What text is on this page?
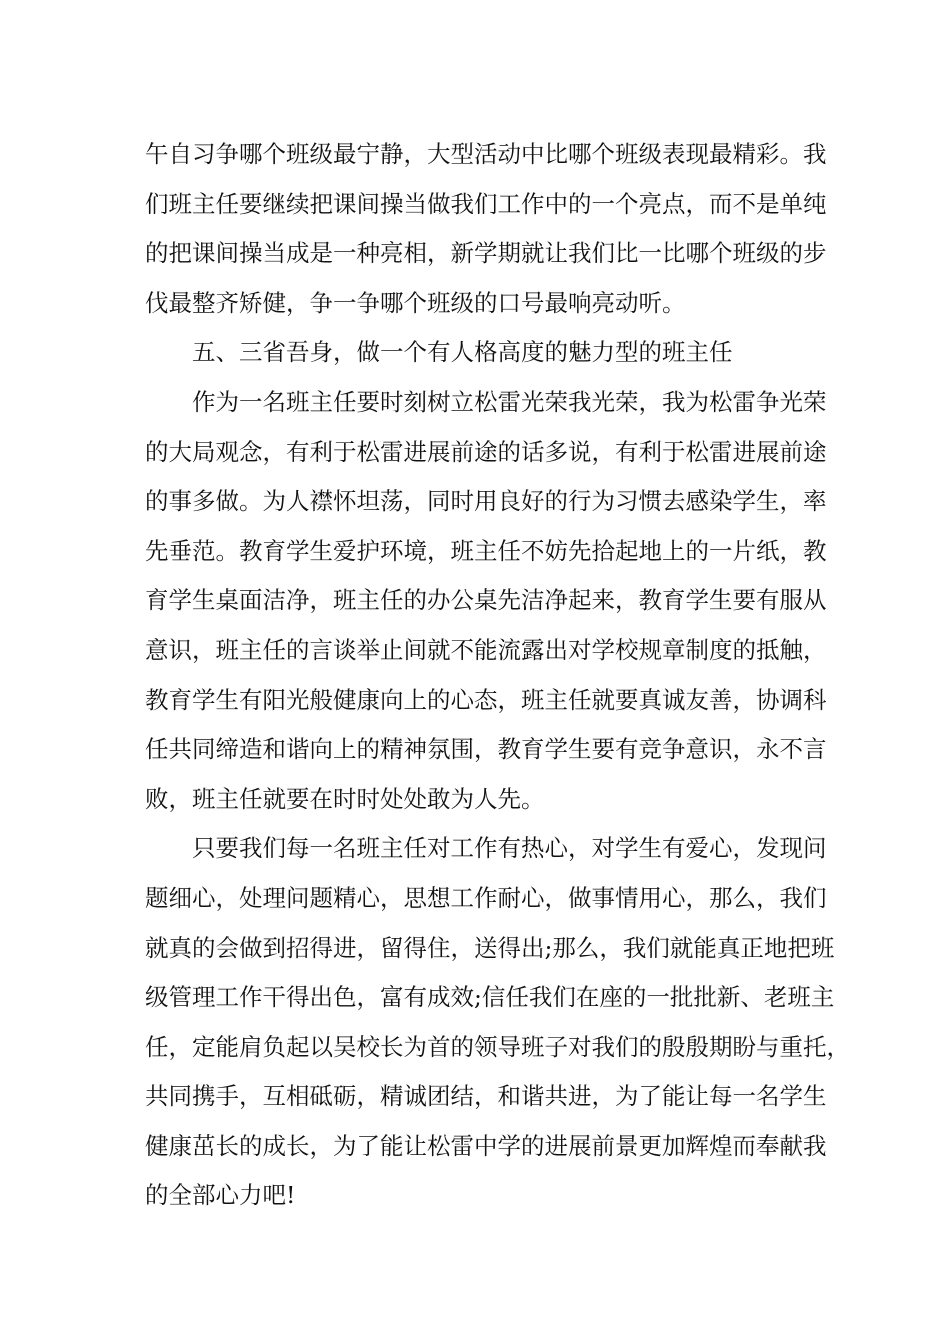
午自习争哪个班级最宁静，大型活动中比哪个班级表现最精彩。我
们班主任要继续把课间操当做我们工作中的一个亮点，而不是单纯
的把课间操当成是一种亮相，新学期就让我们比一比哪个班级的步
伐最整齐矫健，争一争哪个班级的口号最响亮动听。
五、三省吾身，做一个有人格高度的魅力型的班主任
作为一名班主任要时刻树立松雷光荣我光荣，我为松雷争光荣
的大局观念，有利于松雷进展前途的话多说，有利于松雷进展前途
的事多做。为人襟怀坦荡，同时用良好的行为习惯去感染学生，率
先垂范。教育学生爱护环境，班主任不妨先拾起地上的一片纸，教
育学生桌面洁净，班主任的办公桌先洁净起来，教育学生要有服从
意识，班主任的言谈举止间就不能流露出对学校规章制度的抵触，
教育学生有阳光般健康向上的心态，班主任就要真诚友善，协调科
任共同缔造和谐向上的精神氛围，教育学生要有竞争意识，永不言
败，班主任就要在时时处处敢为人先。
只要我们每一名班主任对工作有热心，对学生有爱心，发现问
题细心，处理问题精心，思想工作耐心，做事情用心，那么，我们
就真的会做到招得进，留得住，送得出;那么，我们就能真正地把班
级管理工作干得出色，富有成效;信任我们在座的一批批新、老班主
任，定能肩负起以吴校长为首的领导班子对我们的殷殷期盼与重托，
共同携手，互相砥砺，精诚团结，和谐共进，为了能让每一名学生
健康茁长的成长，为了能让松雷中学的进展前景更加辉煌而奉献我
的全部心力吧!
